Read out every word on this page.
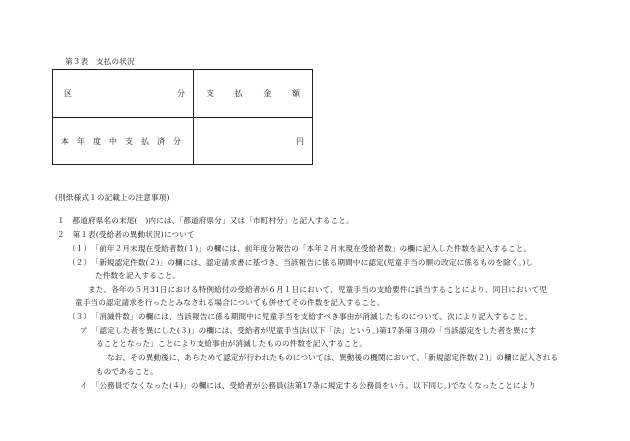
第３表　支払の状況
区 分	支 払 金 額

本　年　度　中　支　払　済　分	円
(別紙様式１の記載上の注意事項)
１　都道府県名の末尾(　)内には、「都道府県分」又は「市町村分」と記入すること。
２　第１表(受給者の異動状況)について
（１）　「前年２月末現在受給者数(１)」の欄には、前年度分報告の「本年２月末現在受給者数」の欄に記入した件数を記入すること。
（２）　「新規認定件数(２)」の欄には、認定請求書に基づき、当該報告に係る期間中に認定(児童手当の額の改定に係るものを除く。)し
た件数を記入すること。
また、各年の５月31日における特例給付の受給者が６月１日において、児童手当の支給要件に該当することにより、同日において児
童手当の認定請求を行ったとみなされる場合についても併せてその件数を記入すること。
（３）　「消滅件数」の欄には、当該報告に係る期間中に児童手当を支給すべき事由が消滅したものについて、次により記入すること。
ア　「認定した者を異にした(３)」の欄には、受給者が児童手当法(以下「法」という。)第17条第３項の「当該認定をした者を異にす
ることとなった」ことにより支給事由が消滅したものの件数を記入すること。
なお、その異動後に、あらためて認定が行われたものについては、異動後の機関において、「新規認定件数(２)」の欄に記入される
ものであること。
イ　「公務員でなくなった(４)」の欄には、受給者が公務員(法第17条に規定する公務員をいう。以下同じ。)でなくなったことにより
